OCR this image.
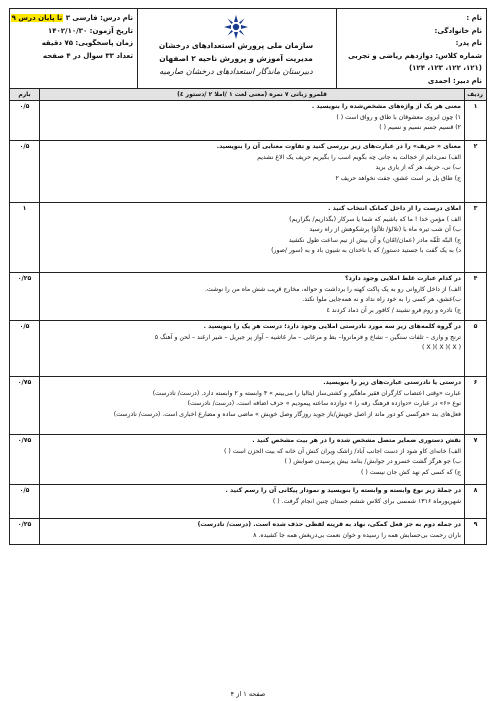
نام :
نام خانوادگی:
نام پدر:
شماره کلاس: دوازدهم ریاضی و تجربی
(۱۲۱، ۱۲۲، ۱۲۳، ۱۲۴)
نام دبیر: احمدی
سازمان ملی پرورش استعدادهای درخشان
مدیریت آموزش و پرورش ناحیه ۲ اصفهان
دبیرستان ماندگار استعدادهای درخشان صارمیه
نام درس: فارسی ۳ تا پایان درس ۹
تاریخ آزمون: ۱۴۰۲/۱۰/۳۰
زمان پاسخگویی: ۷۵ دقیقه
تعداد ۳۳ سوال در ۴ صفحه
ردیف	قلمرو زبانی ۷ نمره (معنی لغت ۱ /املا ۲ /دستور ٤)	بارم
۱	معنی هر یک از واژه‌های مشخص‌شده را بنویسید .
۱) چون ابروی معشوقان با طاق و رواق است ( )
۲) قسیم جسم نسیم و نسیم ( )	۰/۵
۲	معنای « حریف» را در عبارت‌های زیر بررسی کنید و تفاوت معنایی آن را بنویسید.
الف) نمی‌دانم از خجالت به جانی چه بگویم اسب را بگیریم حریف یک الاغ نشدیم
ب) نی، حریف هر که از یاری برید
ج) طاق پل بر است عشق، جفت نخواهد حریف ٢	۰/۵
۳	املای درست را از داخل کمانک انتخاب کنید .
الف ) مؤمن خدا ! ما که باشیم که شما یا سرکار (بگذاریم/ بگزاریم)
ب) آن شب تیره ماه با (تلالؤ/ تلألؤ) پرشکوهش از راه رسید
ج) البتّه تَلَقّه مادر (عمان/امّان) و آن بیش از نیم ساعت طول نکشید
د) به یک گفت با جستید دستور/ که با ناخدان به شیون باد و به (سور /صور)	۱
۴	در کدام عبارت غلط املایی وجود دارد؟
الف) از داخل کاروانی رو به یک پاکت کهنه را برداشت و حواله، مخارج قریب شش ماه من را نوشت.
ب)عشق، هر کسی را به خود راه نداد و نه همه‌جایی ملوا نکند.
ج) نادره و روم فرو نشیند / کافور بر آن ذماد کردند ٤	۰/۲۵
۵	در گروه کلمه‌های زیر سه مورد نادرستی املایی وجود دارد؛ درست هر یک را بنویسید .
ترنج و واری – تلفات سنگین – نشاخ و فرمانروا– بط و مرغابی – مار غاشیه – آواز پر جبریل – شیر ارغند – لحن و آهنگ ٥
( X )( X )( X )	۰/۵
۶	درستی یا نادرستی عبارت‌های زیر را بنویسید.
عبارت «وقتی اعتصاب کارگران فقیر ماهگیر و کشتی‌ساز ایتالیا را می‌بینم » ۴ وابسته و ۲ وابسته دارد. (درست/ نادرست)
نوع «۶» در عبارت «دوازده فرهنگ رفه را » دوازده ساعته پیمودیم » حرف اضافه است. (درست/ نادرست)
فعل‌های بند «هرکسی کو دور ماند از اصل خویش/باز جوید روزگار وصل خویش » ماضی ساده و مضارع اخباری است. (درست/ نادرست)	۰/۷۵
۷	نقش دستوری ضمایر متصل مشخص شده را در هر بیت مشخص کنید .
الف) خانه‌ای کاو شود از دست اجانب آباد/ زاشک ویران کنش آن خانه که بیت الحزن است ( )
ب) جو هرگز گشت خسرو در جوابش/ بنامد بیش پرسیدن صوابش ( )
ج) که کسی کم نهد کش جان نیست ( )	۰/۷۵
۸	در جملهٔ زیر نوع وابسته و وابسته را بنویسید و نمودار پیکانی آن را رسم کنید .
شهریورماه ۱۳۱۶ شمسی برای کلاس ششم جستان چنین انجام گرفت. ( )	۰/۵
۹	در جمله دوم به جز فعل کمکی، نهاد به قرینه لفظی حذف شده است. (درست/ نادرست)
باران رحمت بی‌حسابش همه را رسیده و خوان نعمت بی‌دریغش همه جا کشیده. ٨	۰/۲۵
صفحه ۱ از ۴
